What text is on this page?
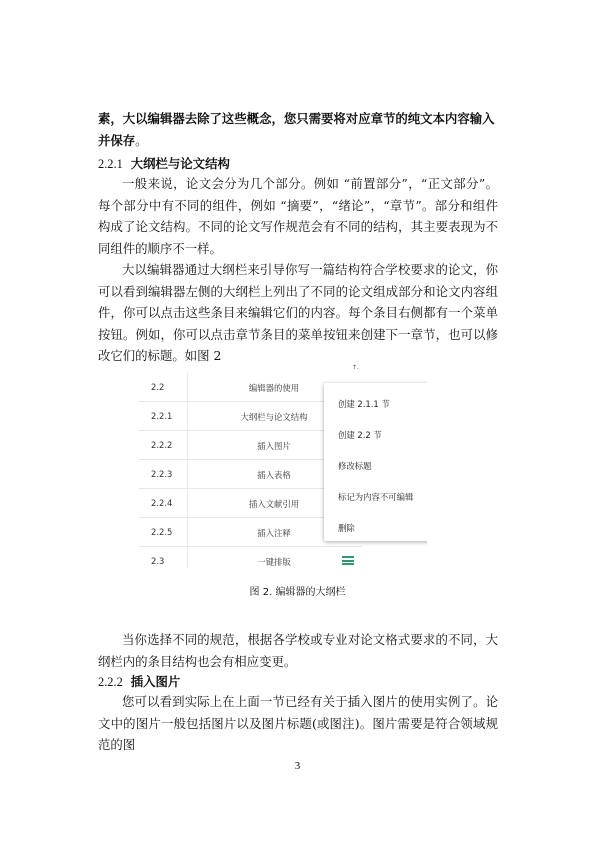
素，大以编辑器去除了这些概念，您只需要将对应章节的纯文本内容输入并保存。
2.2.1 大纲栏与论文结构
一般来说，论文会分为几个部分。例如 “前置部分”，“正文部分”。每个部分中有不同的组件，例如 “摘要”，“绪论”，“章节”。部分和组件构成了论文结构。不同的论文写作规范会有不同的结构，其主要表现为不同组件的顺序不一样。
大以编辑器通过大纲栏来引导你写一篇结构符合学校要求的论文，你可以看到编辑器左侧的大纲栏上列出了不同的论文组成部分和论文内容组件，你可以点击这些条目来编辑它们的内容。每个条目右侧都有一个菜单按钮。例如，你可以点击章节条目的菜单按钮来创建下一章节，也可以修改它们的标题。如图 2
↑.
2.2	编辑器的使用
2.2.1	大纲栏与论文结构
2.2.2	插入图片
2.2.3	插入表格
2.2.4	插入文献引用
2.2.5	插入注释
2.3	一键排版
创建 2.1.1 节
创建 2.2 节
修改标题
标记为内容不可编辑
删除
图 2. 编辑器的大纲栏
当你选择不同的规范，根据各学校或专业对论文格式要求的不同，大纲栏内的条目结构也会有相应变更。
2.2.2 插入图片
您可以看到实际上在上面一节已经有关于插入图片的使用实例了。论文中的图片一般包括图片以及图片标题(或图注)。图片需要是符合领域规范的图
3
